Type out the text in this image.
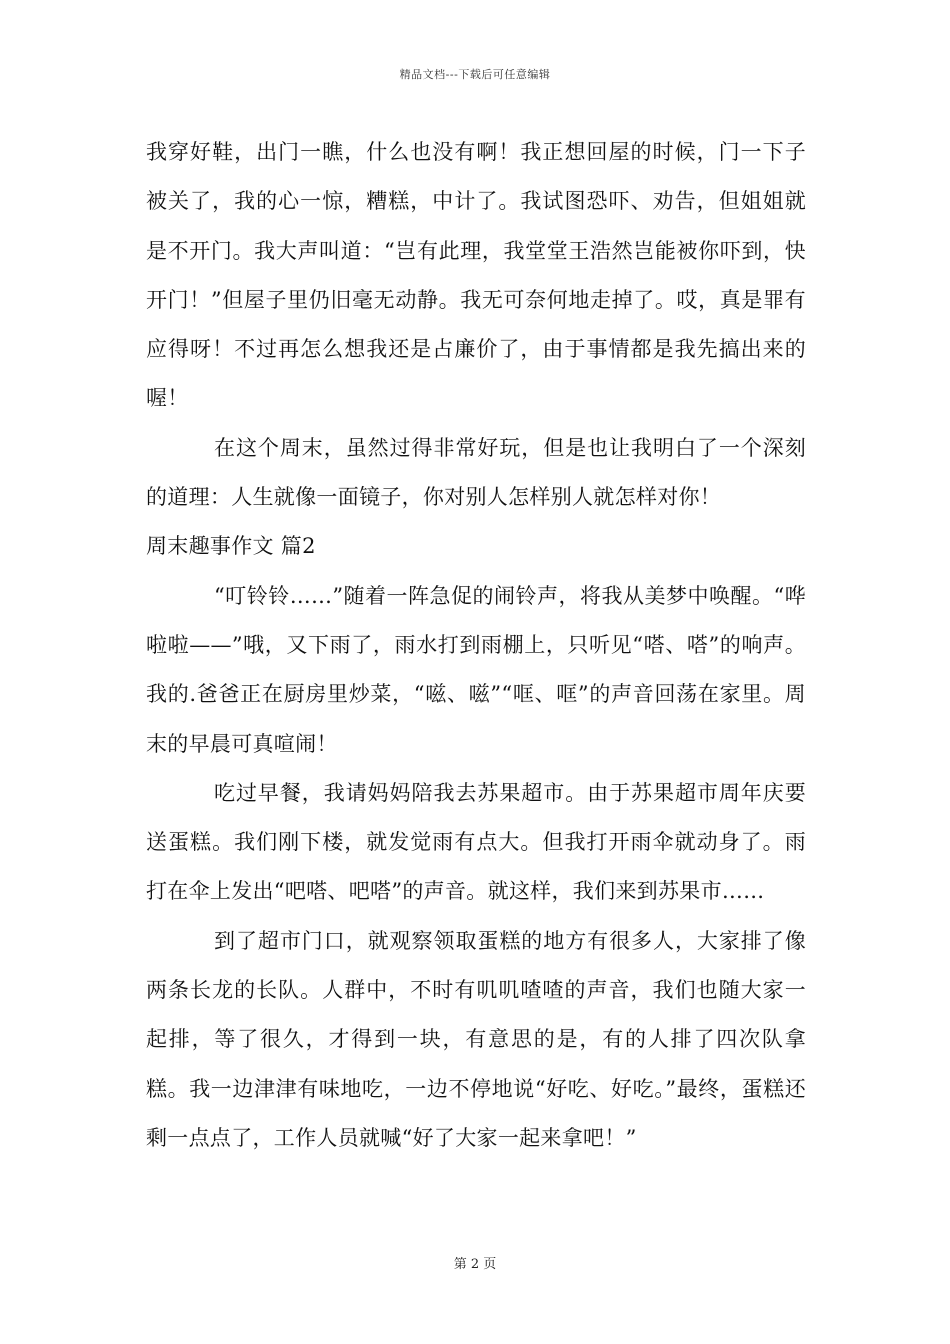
精品文档---下载后可任意编辑

我穿好鞋，出门一瞧，什么也没有啊！我正想回屋的时候，门一下子被关了，我的心一惊，糟糕，中计了。我试图恐吓、劝告，但姐姐就是不开门。我大声叫道：“岂有此理，我堂堂王浩然岂能被你吓到，快开门！”但屋子里仍旧毫无动静。我无可奈何地走掉了。哎，真是罪有应得呀！不过再怎么想我还是占廉价了，由于事情都是我先搞出来的喔！

在这个周末，虽然过得非常好玩，但是也让我明白了一个深刻的道理：人生就像一面镜子，你对别人怎样别人就怎样对你！

周末趣事作文 篇2

“叮铃铃……”随着一阵急促的闹铃声，将我从美梦中唤醒。“哗啦啦——”哦，又下雨了，雨水打到雨棚上，只听见“嗒、嗒”的响声。我的.爸爸正在厨房里炒菜，“嗞、嗞”“哐、哐”的声音回荡在家里。周末的早晨可真喧闹！

吃过早餐，我请妈妈陪我去苏果超市。由于苏果超市周年庆要送蛋糕。我们刚下楼，就发觉雨有点大。但我打开雨伞就动身了。雨打在伞上发出“吧嗒、吧嗒”的声音。就这样，我们来到苏果市……

到了超市门口，就观察领取蛋糕的地方有很多人，大家排了像两条长龙的长队。人群中，不时有叽叽喳喳的声音，我们也随大家一起排，等了很久，才得到一块，有意思的是，有的人排了四次队拿糕。我一边津津有味地吃，一边不停地说“好吃、好吃。”最终，蛋糕还剩一点点了，工作人员就喊“好了大家一起来拿吧！”

第 2 页
